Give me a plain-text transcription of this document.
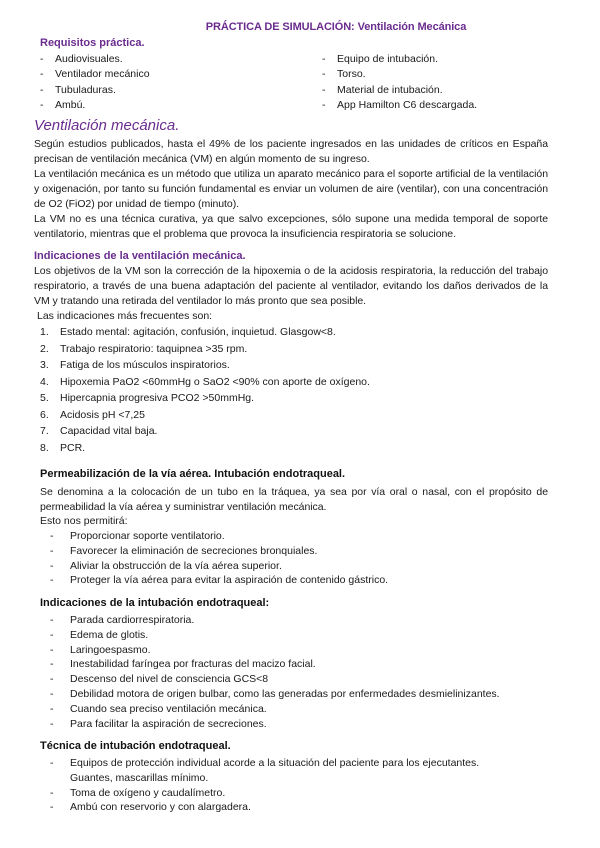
PRÁCTICA DE SIMULACIÓN: Ventilación Mecánica
Requisitos práctica.
-	Audiovisuales.
-	Ventilador mecánico
-	Tubuladuras.
-	Ambú.
-	Equipo de intubación.
-	Torso.
-	Material de intubación.
-	App Hamilton C6 descargada.
Ventilación mecánica.
Según estudios publicados, hasta el 49% de los paciente ingresados en las unidades de críticos en España precisan de ventilación mecánica (VM) en algún momento de su ingreso.
La ventilación mecánica es un método que utiliza un aparato mecánico para el soporte artificial de la ventilación y oxigenación, por tanto su función fundamental es enviar un volumen de aire (ventilar), con una concentración de O2 (FiO2) por unidad de tiempo (minuto).
La VM no es una técnica curativa, ya que salvo excepciones, sólo supone una medida temporal de soporte ventilatorio, mientras que el problema que provoca la insuficiencia respiratoria se solucione.
Indicaciones de la ventilación mecánica.
Los objetivos de la VM son la corrección de la hipoxemia o de la acidosis respiratoria, la reducción del trabajo respiratorio, a través de una buena adaptación del paciente al ventilador, evitando los daños derivados de la VM y tratando una retirada del ventilador lo más pronto que sea posible.
Las indicaciones más frecuentes son:
1.	Estado mental: agitación, confusión, inquietud. Glasgow<8.
2.	Trabajo respiratorio: taquipnea >35 rpm.
3.	Fatiga de los músculos inspiratorios.
4.	Hipoxemia PaO2 <60mmHg o SaO2 <90% con aporte de oxígeno.
5.	Hipercapnia progresiva PCO2 >50mmHg.
6.	Acidosis pH <7,25
7.	Capacidad vital baja.
8.	PCR.
Permeabilización de la vía aérea. Intubación endotraqueal.
Se denomina a la colocación de un tubo en la tráquea, ya sea por vía oral o nasal, con el propósito de permeabilidad la vía aérea y suministrar ventilación mecánica.
Esto nos permitirá:
-	Proporcionar soporte ventilatorio.
-	Favorecer la eliminación de secreciones bronquiales.
-	Aliviar la obstrucción de la vía aérea superior.
-	Proteger la vía aérea para evitar la aspiración de contenido gástrico.
Indicaciones de la intubación endotraqueal:
-	Parada cardiorrespiratoria.
-	Edema de glotis.
-	Laringoespasmo.
-	Inestabilidad faríngea por fracturas del macizo facial.
-	Descenso del nivel de consciencia GCS<8
-	Debilidad motora de origen bulbar, como las generadas por enfermedades desmielinizantes.
-	Cuando sea preciso ventilación mecánica.
-	Para facilitar la aspiración de secreciones.
Técnica de intubación endotraqueal.
-	Equipos de protección individual acorde a la situación del paciente para los ejecutantes. Guantes, mascarillas mínimo.
-	Toma de oxígeno y caudalímetro.
-	Ambú con reservorio y con alargadera.
